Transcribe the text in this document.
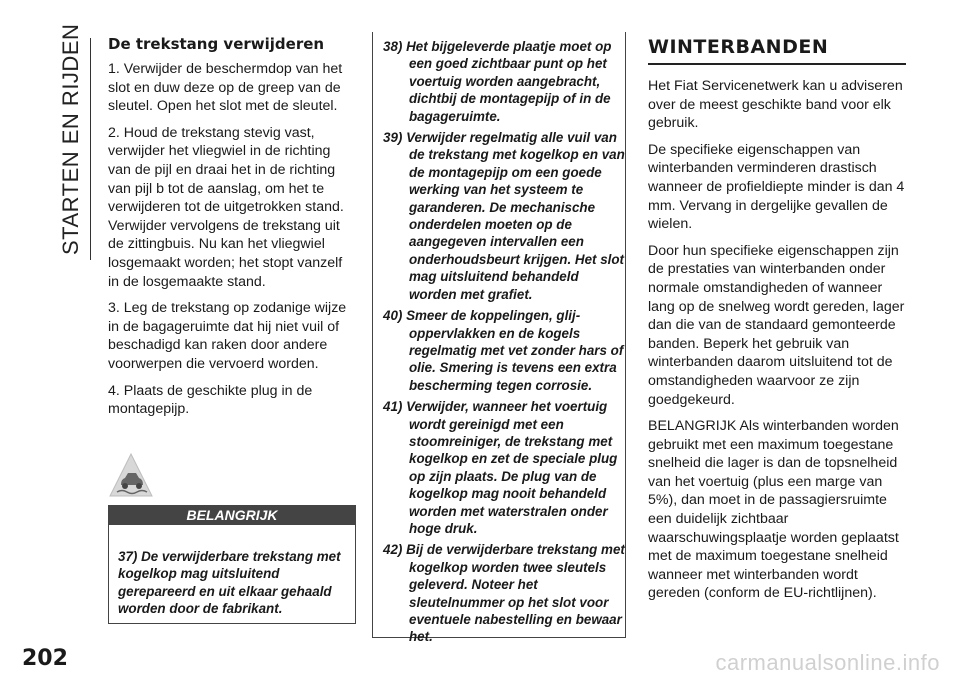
STARTEN EN RIJDEN De trekstang verwijderen

1. Verwijder de beschermdop van het slot en duw deze op de greep van de sleutel. Open het slot met de sleutel.

2. Houd de trekstang stevig vast, verwijder het vliegwiel in de richting van de pijl en draai het in de richting van pijl b tot de aanslag, om het te verwijderen tot de uitgetrokken stand. Verwijder vervolgens de trekstang uit de zittingbuis. Nu kan het vliegwiel losgemaakt worden; het stopt vanzelf in de losgemaakte stand.

3. Leg de trekstang op zodanige wijze in de bagageruimte dat hij niet vuil of beschadigd kan raken door andere voorwerpen die vervoerd worden.

4. Plaats de geschikte plug in de montagepijp.

BELANGRIJK
37) De verwijderbare trekstang met kogelkop mag uitsluitend gerepareerd en uit elkaar gehaald worden door de fabrikant.

38) Het bijgeleverde plaatje moet op een goed zichtbaar punt op het voertuig worden aangebracht, dichtbij de montagepijp of in de bagageruimte.

39) Verwijder regelmatig alle vuil van de trekstang met kogelkop en van de montagepijp om een goede werking van het systeem te garanderen. De mechanische onderdelen moeten op de aangegeven intervallen een onderhoudsbeurt krijgen. Het slot mag uitsluitend behandeld worden met grafiet.

40) Smeer de koppelingen, glij-oppervlakken en de kogels regelmatig met vet zonder hars of olie. Smering is tevens een extra bescherming tegen corrosie.

41) Verwijder, wanneer het voertuig wordt gereinigd met een stoomreiniger, de trekstang met kogelkop en zet de speciale plug op zijn plaats. De plug van de kogelkop mag nooit behandeld worden met waterstralen onder hoge druk.

42) Bij de verwijderbare trekstang met kogelkop worden twee sleutels geleverd. Noteer het sleutelnummer op het slot voor eventuele nabestelling en bewaar het.

WINTERBANDEN

Het Fiat Servicenetwerk kan u adviseren over de meest geschikte band voor elk gebruik.

De specifieke eigenschappen van winterbanden verminderen drastisch wanneer de profieldiepte minder is dan 4 mm. Vervang in dergelijke gevallen de wielen.

Door hun specifieke eigenschappen zijn de prestaties van winterbanden onder normale omstandigheden of wanneer lang op de snelweg wordt gereden, lager dan die van de standaard gemonteerde banden. Beperk het gebruik van winterbanden daarom uitsluitend tot de omstandigheden waarvoor ze zijn goedgekeurd.

BELANGRIJK Als winterbanden worden gebruikt met een maximum toegestane snelheid die lager is dan de topsnelheid van het voertuig (plus een marge van 5%), dan moet in de passagiersruimte een duidelijk zichtbaar waarschuwingsplaatje worden geplaatst met de maximum toegestane snelheid wanneer met winterbanden wordt gereden (conform de EU-richtlijnen).

202	carmanualsonline.info
